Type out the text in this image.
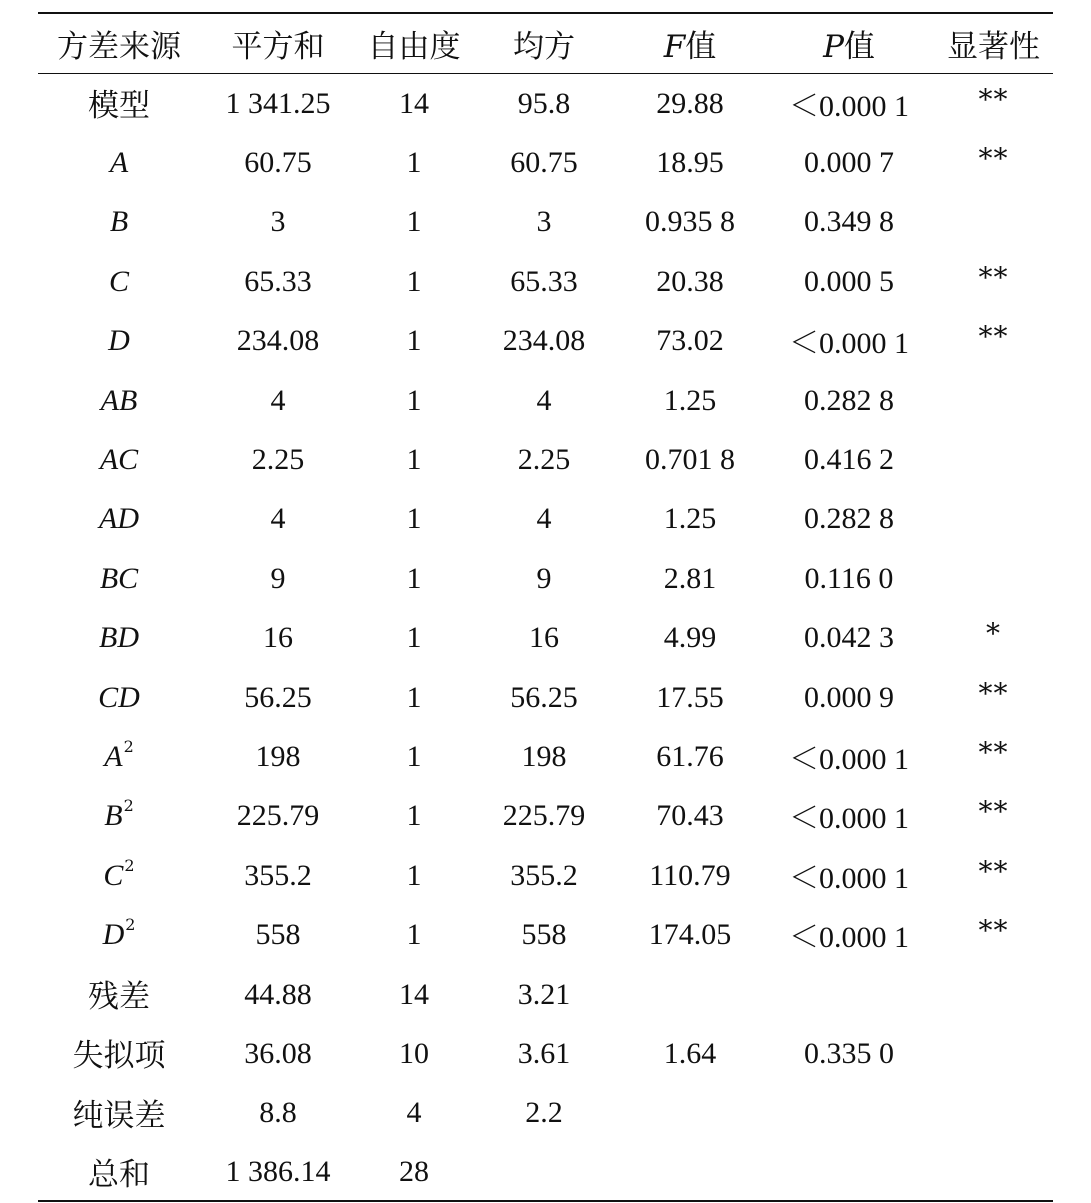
方差来源	平方和	自由度	均方	F值	P值	显著性
模型	1 341.25	14	95.8	29.88	＜0.000 1	**
A	60.75	1	60.75	18.95	0.000 7	**
B	3	1	3	0.935 8	0.349 8	
C	65.33	1	65.33	20.38	0.000 5	**
D	234.08	1	234.08	73.02	＜0.000 1	**
AB	4	1	4	1.25	0.282 8	
AC	2.25	1	2.25	0.701 8	0.416 2	
AD	4	1	4	1.25	0.282 8	
BC	9	1	9	2.81	0.116 0	
BD	16	1	16	4.99	0.042 3	*
CD	56.25	1	56.25	17.55	0.000 9	**
$A^2$	198	1	198	61.76	＜0.000 1	**
$B^2$	225.79	1	225.79	70.43	＜0.000 1	**
$C^2$	355.2	1	355.2	110.79	＜0.000 1	**
$D^2$	558	1	558	174.05	＜0.000 1	**
残差	44.88	14	3.21			
失拟项	36.08	10	3.61	1.64	0.335 0	
纯误差	8.8	4	2.2			
总和	1 386.14	28				
